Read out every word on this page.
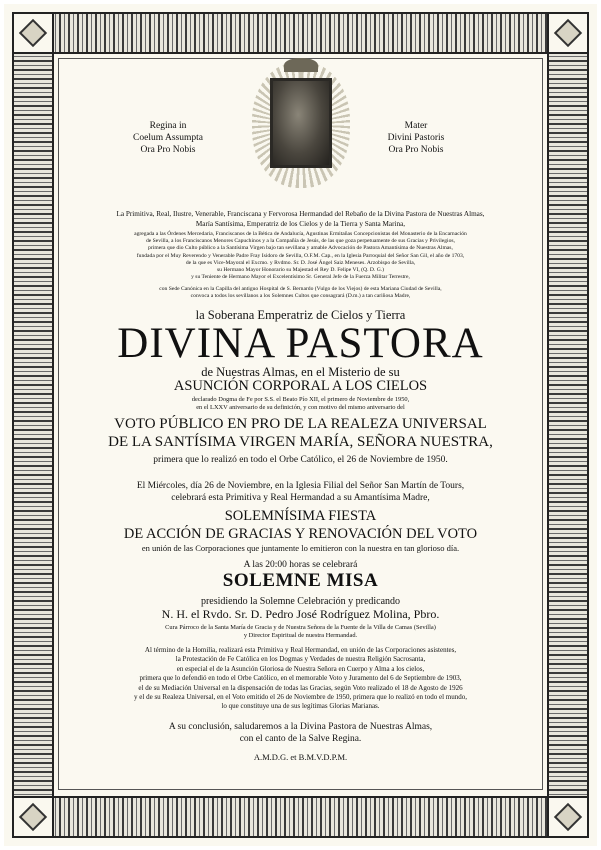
Regina in
Coelum Assumpta
Ora Pro Nobis
Mater
Divini Pastoris
Ora Pro Nobis
La Primitiva, Real, Ilustre, Venerable, Franciscana y Fervorosa Hermandad del Rebaño de la Divina Pastora de Nuestras Almas,
María Santísima, Emperatriz de los Cielos y de la Tierra y Santa Marina,
agregada a las Órdenes Mercedaria, Franciscanos de la Bética de Andalucía, Agustinas Ermitañas Concepcionistas del Monasterio de la Encarnación
de Sevilla, a los Franciscanos Menores Capuchinos y a la Compañía de Jesús, de las que goza perpetuamente de sus Gracias y Privilegios,
primera que dio Culto público a la Santísima Virgen bajo tan sevillana y amable Advocación de Pastora Amantísima de Nuestras Almas,
fundada por el Muy Reverendo y Venerable Padre Fray Isidoro de Sevilla, O.F.M. Cap., en la Iglesia Parroquial del Señor San Gil, el año de 1703,
de la que es Vice-Mayoral el Excmo. y Rvdmo. Sr. D. José Ángel Saiz Meneses. Arzobispo de Sevilla,
su Hermano Mayor Honorario su Majestad el Rey D. Felipe VI, (Q. D. G.)
y su Teniente de Hermano Mayor el Excelentísimo Sr. General Jefe de la Fuerza Militar Terrestre,
con Sede Canónica en la Capilla del antiguo Hospital de S. Bernardo (Vulgo de los Viejos) de esta Mariana Ciudad de Sevilla,
convoca a todos los sevillanos a los Solemnes Cultos que consagrará (D.m.) a tan cariñosa Madre,
la Soberana Emperatriz de Cielos y Tierra
DIVINA PASTORA
de Nuestras Almas, en el Misterio de su
ASUNCIÓN CORPORAL A LOS CIELOS
declarado Dogma de Fe por S.S. el Beato Pío XII, el primero de Noviembre de 1950,
en el LXXV aniversario de su definición, y con motivo del mismo aniversario del
VOTO PÚBLICO EN PRO DE LA REALEZA UNIVERSAL
DE LA SANTÍSIMA VIRGEN MARÍA, SEÑORA NUESTRA,
primera que lo realizó en todo el Orbe Católico, el 26 de Noviembre de 1950.
El Miércoles, día 26 de Noviembre, en la Iglesia Filial del Señor San Martín de Tours,
celebrará esta Primitiva y Real Hermandad a su Amantísima Madre,
SOLEMNÍSIMA FIESTA
DE ACCIÓN DE GRACIAS Y RENOVACIÓN DEL VOTO
en unión de las Corporaciones que juntamente lo emitieron con la nuestra en tan glorioso día.
A las 20:00 horas se celebrará
SOLEMNE MISA
presidiendo la Solemne Celebración y predicando
N. H. el Rvdo. Sr. D. Pedro José Rodríguez Molina, Pbro.
Cura Párroco de la Santa María de Gracia y de Nuestra Señora de la Fuente de la Villa de Camas (Sevilla)
y Director Espiritual de nuestra Hermandad.
Al término de la Homilía, realizará esta Primitiva y Real Hermandad, en unión de las Corporaciones asistentes,
la Protestación de Fe Católica en los Dogmas y Verdades de nuestra Religión Sacrosanta,
en especial el de la Asunción Gloriosa de Nuestra Señora en Cuerpo y Alma a los cielos,
primera que lo defendió en todo el Orbe Católico, en el memorable Voto y Juramento del 6 de Septiembre de 1903,
el de su Mediación Universal en la dispensación de todas las Gracias, según Voto realizado el 18 de Agosto de 1926
y el de su Realeza Universal, en el Voto emitido el 26 de Noviembre de 1950, primera que lo realizó en todo el mundo,
lo que constituye una de sus legítimas Glorias Marianas.
A su conclusión, saludaremos a la Divina Pastora de Nuestras Almas,
con el canto de la Salve Regina.
A.M.D.G. et B.M.V.D.P.M.
